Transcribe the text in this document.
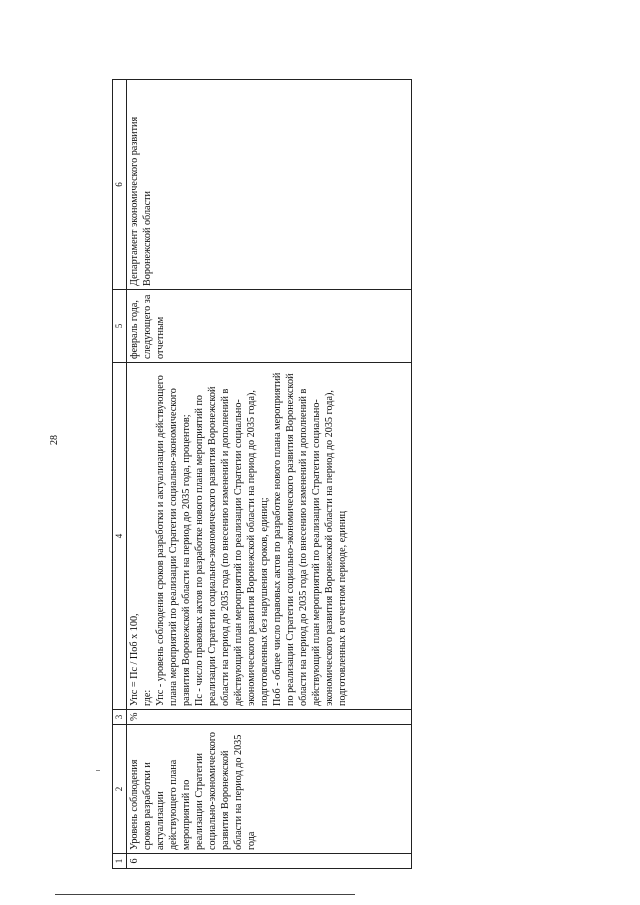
28
1	2	3	4	5	6
6	Уровень соблюдения сроков разработки и актуализации действующего плана мероприятий по реализации Стратегии социально-экономического развития Воронежской области на период до 2035 года	%	Упс = Пс / Поб х 100, где: Упс - уровень соблюдения сроков разработки и актуализации действующего плана мероприятий по реализации Стратегии социально-экономического развития Воронежской области на период до 2035 года, процентов; Пс - число правовых актов по разработке нового плана мероприятий по реализации Стратегии социально-экономического развития Воронежской области на период до 2035 года (по внесению изменений и дополнений в действующий план мероприятий по реализации Стратегии социально-экономического развития Воронежской области на период до 2035 года), подготовленных без нарушения сроков, единиц; Поб - общее число правовых актов по разработке нового плана мероприятий по реализации Стратегии социально-экономического развития Воронежской области на период до 2035 года (по внесению изменений и дополнений в действующий план мероприятий по реализации Стратегии социально-экономического развития Воронежской области на период до 2035 года), подготовленных в отчетном периоде, единиц	февраль года, следующего за отчетным	Департамент экономического развития Воронежской области
